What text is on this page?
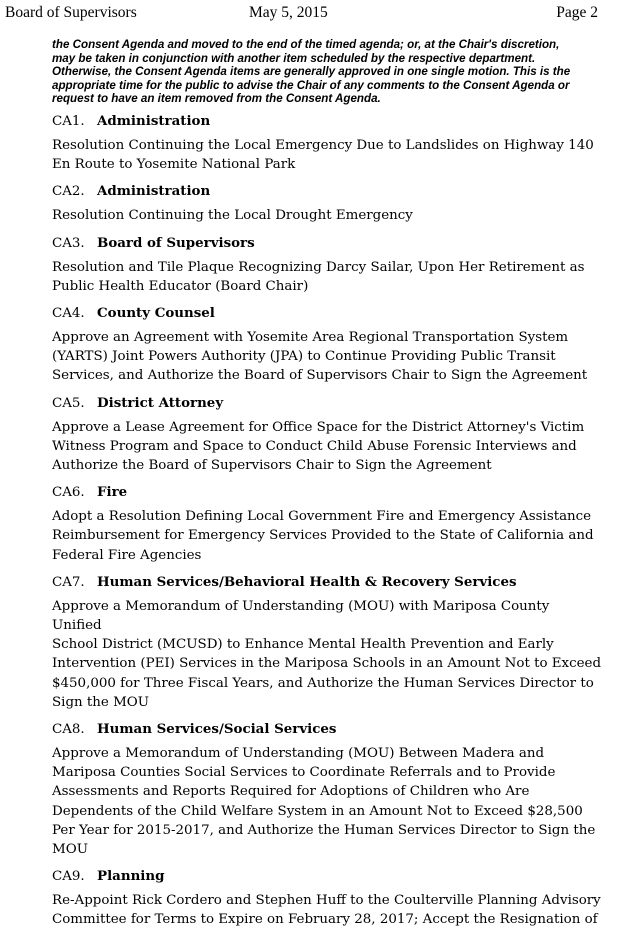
Board of Supervisors	May 5, 2015	Page 2

the Consent Agenda and moved to the end of the timed agenda; or, at the Chair's discretion,
may be taken in conjunction with another item scheduled by the respective department.
Otherwise, the Consent Agenda items are generally approved in one single motion. This is the
appropriate time for the public to advise the Chair of any comments to the Consent Agenda or
request to have an item removed from the Consent Agenda.

CA1. Administration

Resolution Continuing the Local Emergency Due to Landslides on Highway 140
En Route to Yosemite National Park

CA2. Administration

Resolution Continuing the Local Drought Emergency

CA3. Board of Supervisors

Resolution and Tile Plaque Recognizing Darcy Sailar, Upon Her Retirement as
Public Health Educator (Board Chair)

CA4. County Counsel

Approve an Agreement with Yosemite Area Regional Transportation System
(YARTS) Joint Powers Authority (JPA) to Continue Providing Public Transit
Services, and Authorize the Board of Supervisors Chair to Sign the Agreement

CA5. District Attorney

Approve a Lease Agreement for Office Space for the District Attorney's Victim
Witness Program and Space to Conduct Child Abuse Forensic Interviews and
Authorize the Board of Supervisors Chair to Sign the Agreement

CA6. Fire

Adopt a Resolution Defining Local Government Fire and Emergency Assistance
Reimbursement for Emergency Services Provided to the State of California and
Federal Fire Agencies

CA7. Human Services/Behavioral Health & Recovery Services

Approve a Memorandum of Understanding (MOU) with Mariposa County Unified
School District (MCUSD) to Enhance Mental Health Prevention and Early
Intervention (PEI) Services in the Mariposa Schools in an Amount Not to Exceed
$450,000 for Three Fiscal Years, and Authorize the Human Services Director to
Sign the MOU

CA8. Human Services/Social Services

Approve a Memorandum of Understanding (MOU) Between Madera and
Mariposa Counties Social Services to Coordinate Referrals and to Provide
Assessments and Reports Required for Adoptions of Children who Are
Dependents of the Child Welfare System in an Amount Not to Exceed $28,500
Per Year for 2015-2017, and Authorize the Human Services Director to Sign the
MOU

CA9. Planning

Re-Appoint Rick Cordero and Stephen Huff to the Coulterville Planning Advisory
Committee for Terms to Expire on February 28, 2017; Accept the Resignation of
